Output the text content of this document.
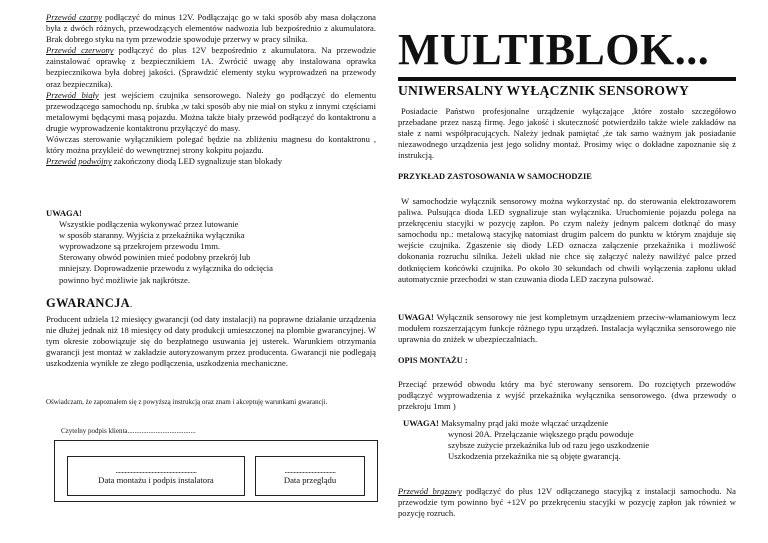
Przewód czarny podłączyć do minus 12V. Podłączając go w taki sposób aby masa dołączona była z dwóch różnych, przewodzących elementów nadwozia lub bezpośrednio z akumulatora. Brak dobrego styku na tym przewodzie spowoduje przerwy w pracy silnika.

Przewód czerwony podłączyć do plus 12V bezpośrednio z akumulatora. Na przewodzie zainstalować oprawkę z bezpiecznikiem 1A. Zwrócić uwagę aby instalowana oprawka bezpiecznikowa była dobrej jakości. (Sprawdzić elementy styku wyprowadzeń na przewody oraz bezpiecznika).

Przewód biały jest wejściem czujnika sensorowego. Należy go podłączyć do elementu przewodzącego samochodu np. śrubka ,w taki sposób aby nie miał on styku z innymi częściami metalowymi będącymi masą pojazdu. Można także biały przewód podłączyć do kontaktronu a drugie wyprowadzenie kontaktronu przyłączyć do masy.

Wówczas sterowanie wyłącznikiem polegać będzie na zbliżeniu magnesu do kontaktronu , który można przykleić do wewnętrznej strony kokpitu pojazdu.

Przewód podwójny zakończony diodą LED sygnalizuje stan blokady

UWAGA!

Wszystkie podłączenia wykonywać przez lutowanie

w sposób staranny. Wyjścia z przekaźnika wyłącznika

wyprowadzone są przekrojem przewodu 1mm.

Sterowany obwód powinien mieć podobny przekrój lub

mniejszy. Doprowadzenie przewodu z wyłącznika do odcięcia

powinno być możliwie jak najkrótsze.

GWARANCJA.

Producent udziela 12 miesięcy gwarancji (od daty instalacji) na poprawne działanie urządzenia nie dłużej jednak niż 18 miesięcy od daty produkcji umieszczonej na plombie gwarancyjnej. W tym okresie zobowiązuje się do bezpłatnego usuwania jej usterek. Warunkiem otrzymania gwarancji jest montaż w zakładzie autoryzowanym przez producenta. Gwarancji nie podlegają uszkodzenia wynikłe ze złego podłączenia, uszkodzenia mechaniczne.

Oświadczam, że zapoznałem się z powyższą instrukcją oraz znam i akceptuję warunkami gwarancji.

Czytelny podpis klienta.......................................

......................................................

Data montażu i podpis instalatora

..................................

Data przeglądu

MULTIBLOK...
UNIWERSALNY WYŁĄCZNIK SENSOROWY

Posiadacie Państwo profesjonalne urządzenie wyłączające ,które zostało szczegółowo przebadane przez naszą firmę. Jego jakość i skuteczność potwierdziło także wiele zakładów na stałe z nami współpracujących. Należy jednak pamiętać ,że tak samo ważnym jak posiadanie niezawodnego urządzenia jest jego solidny montaż. Prosimy więc o dokładne zapoznanie się z instrukcją.

PRZYKŁAD ZASTOSOWANIA W SAMOCHODZIE

W samochodzie wyłącznik sensorowy można wykorzystać np. do sterowania elektrozaworem paliwa. Pulsująca dioda LED sygnalizuje stan wyłącznika. Uruchomienie pojazdu polega na przekręceniu stacyjki w pozycję zapłon. Po czym należy jednym palcem dotknąć do masy samochodu np.: metalową stacyjkę natomiast drugim palcem do punktu w którym znajduje się wejście czujnika. Zgaszenie się diody LED oznacza załączenie przekaźnika i możliwość dokonania rozruchu silnika. Jeżeli układ nie chce się załączyć należy nawilżyć palce przed dotknięciem końcówki czujnika. Po około 30 sekundach od chwili wyłączenia zapłonu układ automatycznie przechodzi w stan czuwania dioda LED zaczyna pulsować.

UWAGA! Wyłącznik sensorowy nie jest kompletnym urządzeniem przeciw-włamaniowym lecz modułem rozszerzającym funkcje różnego typu urządzeń. Instalacja wyłącznika sensorowego nie uprawnia do zniżek w ubezpieczalniach.

OPIS MONTAŻU :

Przeciąć przewód obwodu który ma być sterowany sensorem. Do rozciętych przewodów podłączyć wyprowadzenia z wyjść przekaźnika wyłącznika sensorowego. (dwa przewody o przekroju 1mm )

UWAGA! Maksymalny prąd jaki może włączać urządzenie

wynosi 20A. Przełączanie większego prądu powoduje

szybsze zużycie przekaźnika lub od razu jego uszkodzenie

Uszkodzenia przekaźnika nie są objęte gwarancją.

Przewód brązowy podłączyć do plus 12V odłączanego stacyjką z instalacji samochodu. Na przewodzie tym powinno być +12V po przekręceniu stacyjki w pozycję zapłon jak również w pozycję rozruch.
